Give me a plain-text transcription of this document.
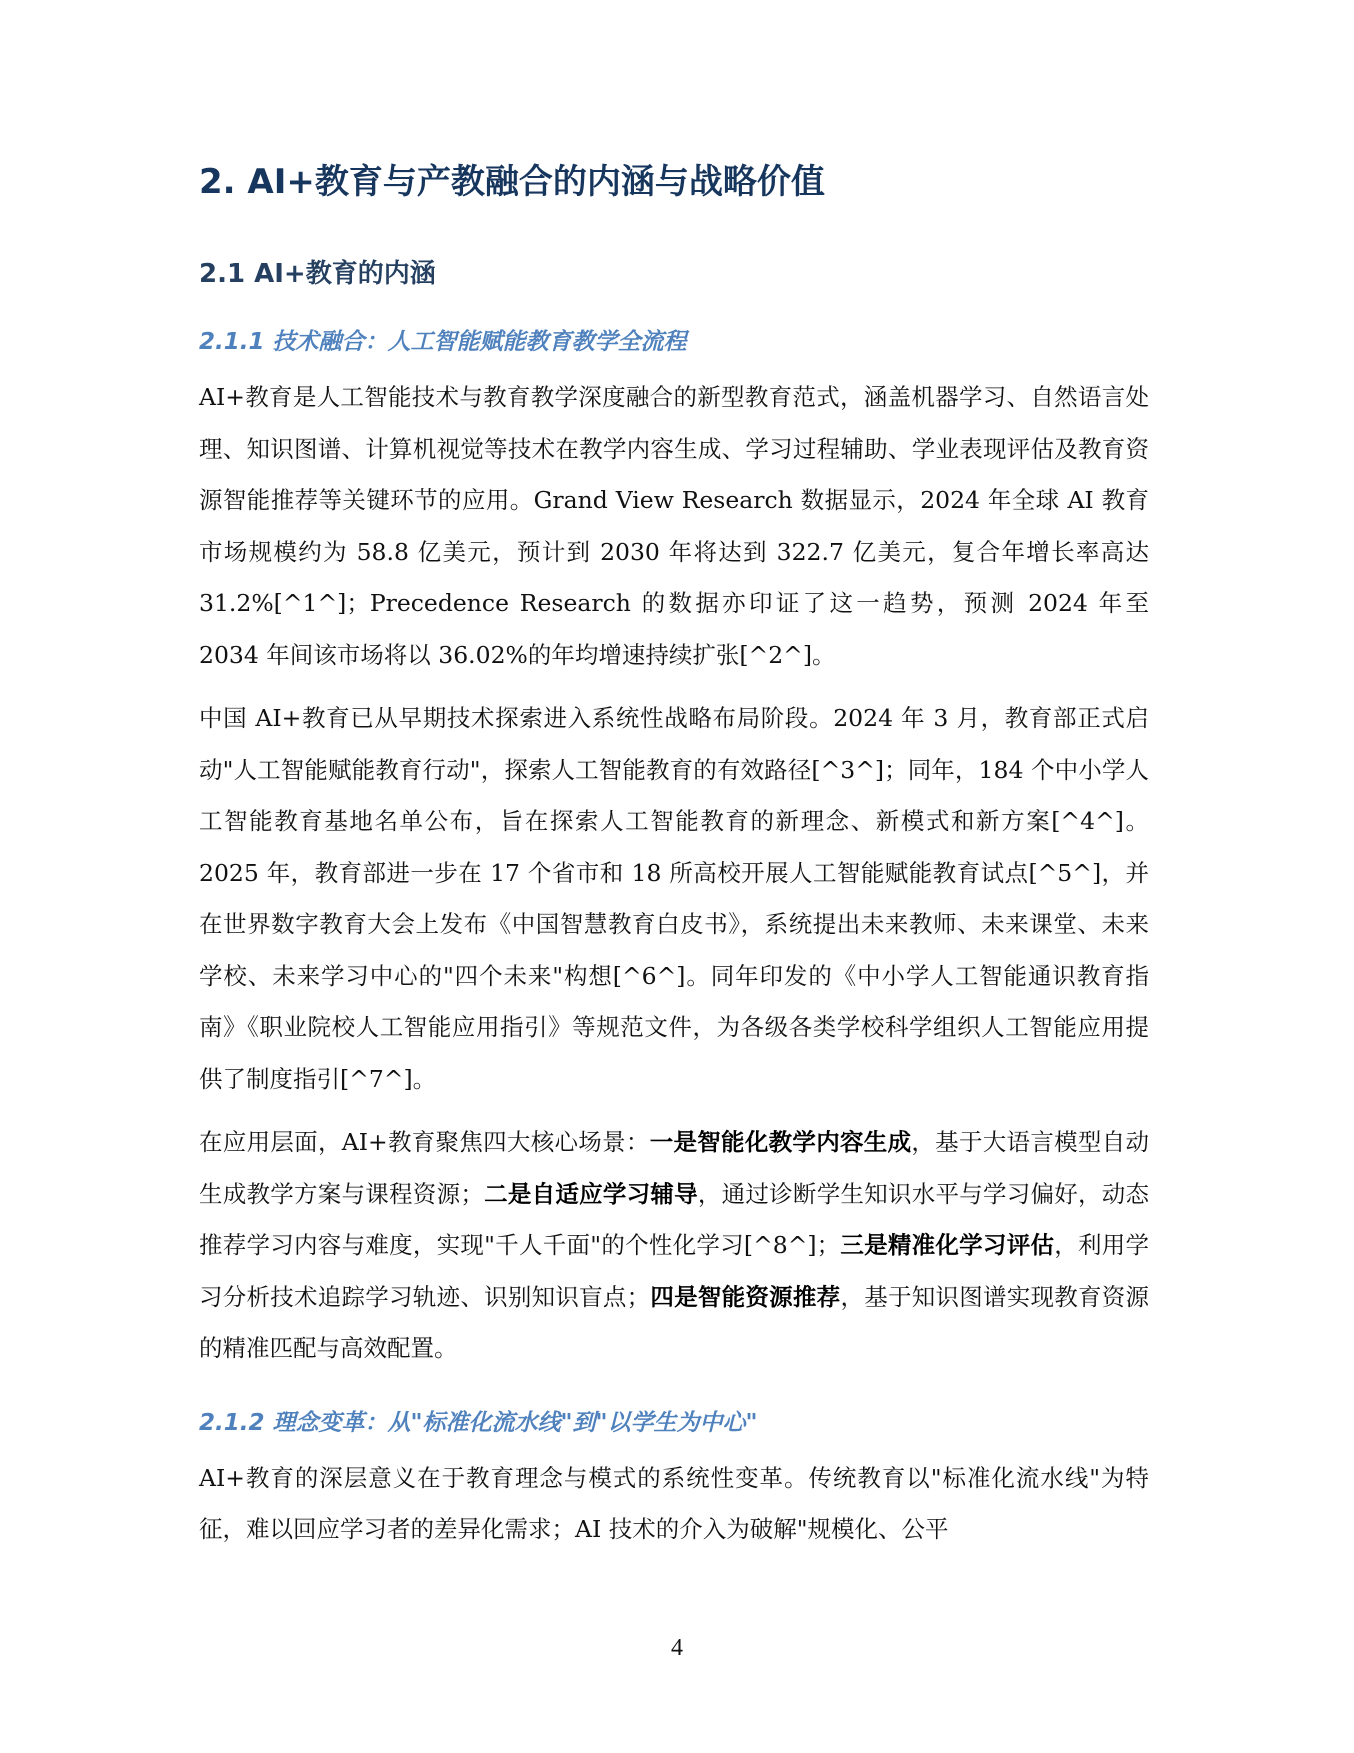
2. AI+教育与产教融合的内涵与战略价值
2.1 AI+教育的内涵
2.1.1 技术融合：人工智能赋能教育教学全流程

AI+教育是人工智能技术与教育教学深度融合的新型教育范式，涵盖机器学习、自然语言处理、知识图谱、计算机视觉等技术在教学内容生成、学习过程辅助、学业表现评估及教育资源智能推荐等关键环节的应用。Grand View Research 数据显示，2024 年全球 AI 教育市场规模约为 58.8 亿美元，预计到 2030 年将达到 322.7 亿美元，复合年增长率高达 31.2%[^1^]；Precedence Research 的数据亦印证了这一趋势，预测 2024 年至 2034 年间该市场将以 36.02%的年均增速持续扩张[^2^]。

中国 AI+教育已从早期技术探索进入系统性战略布局阶段。2024 年 3 月，教育部正式启动"人工智能赋能教育行动"，探索人工智能教育的有效路径[^3^]；同年，184 个中小学人工智能教育基地名单公布，旨在探索人工智能教育的新理念、新模式和新方案[^4^]。2025 年，教育部进一步在 17 个省市和 18 所高校开展人工智能赋能教育试点[^5^]，并在世界数字教育大会上发布《中国智慧教育白皮书》，系统提出未来教师、未来课堂、未来学校、未来学习中心的"四个未来"构想[^6^]。同年印发的《中小学人工智能通识教育指南》《职业院校人工智能应用指引》等规范文件，为各级各类学校科学组织人工智能应用提供了制度指引[^7^]。

在应用层面，AI+教育聚焦四大核心场景：一是智能化教学内容生成，基于大语言模型自动生成教学方案与课程资源；二是自适应学习辅导，通过诊断学生知识水平与学习偏好，动态推荐学习内容与难度，实现"千人千面"的个性化学习[^8^]；三是精准化学习评估，利用学习分析技术追踪学习轨迹、识别知识盲点；四是智能资源推荐，基于知识图谱实现教育资源的精准匹配与高效配置。

2.1.2 理念变革：从"标准化流水线"到"以学生为中心"

AI+教育的深层意义在于教育理念与模式的系统性变革。传统教育以"标准化流水线"为特征，难以回应学习者的差异化需求；AI 技术的介入为破解"规模化、公平

4
